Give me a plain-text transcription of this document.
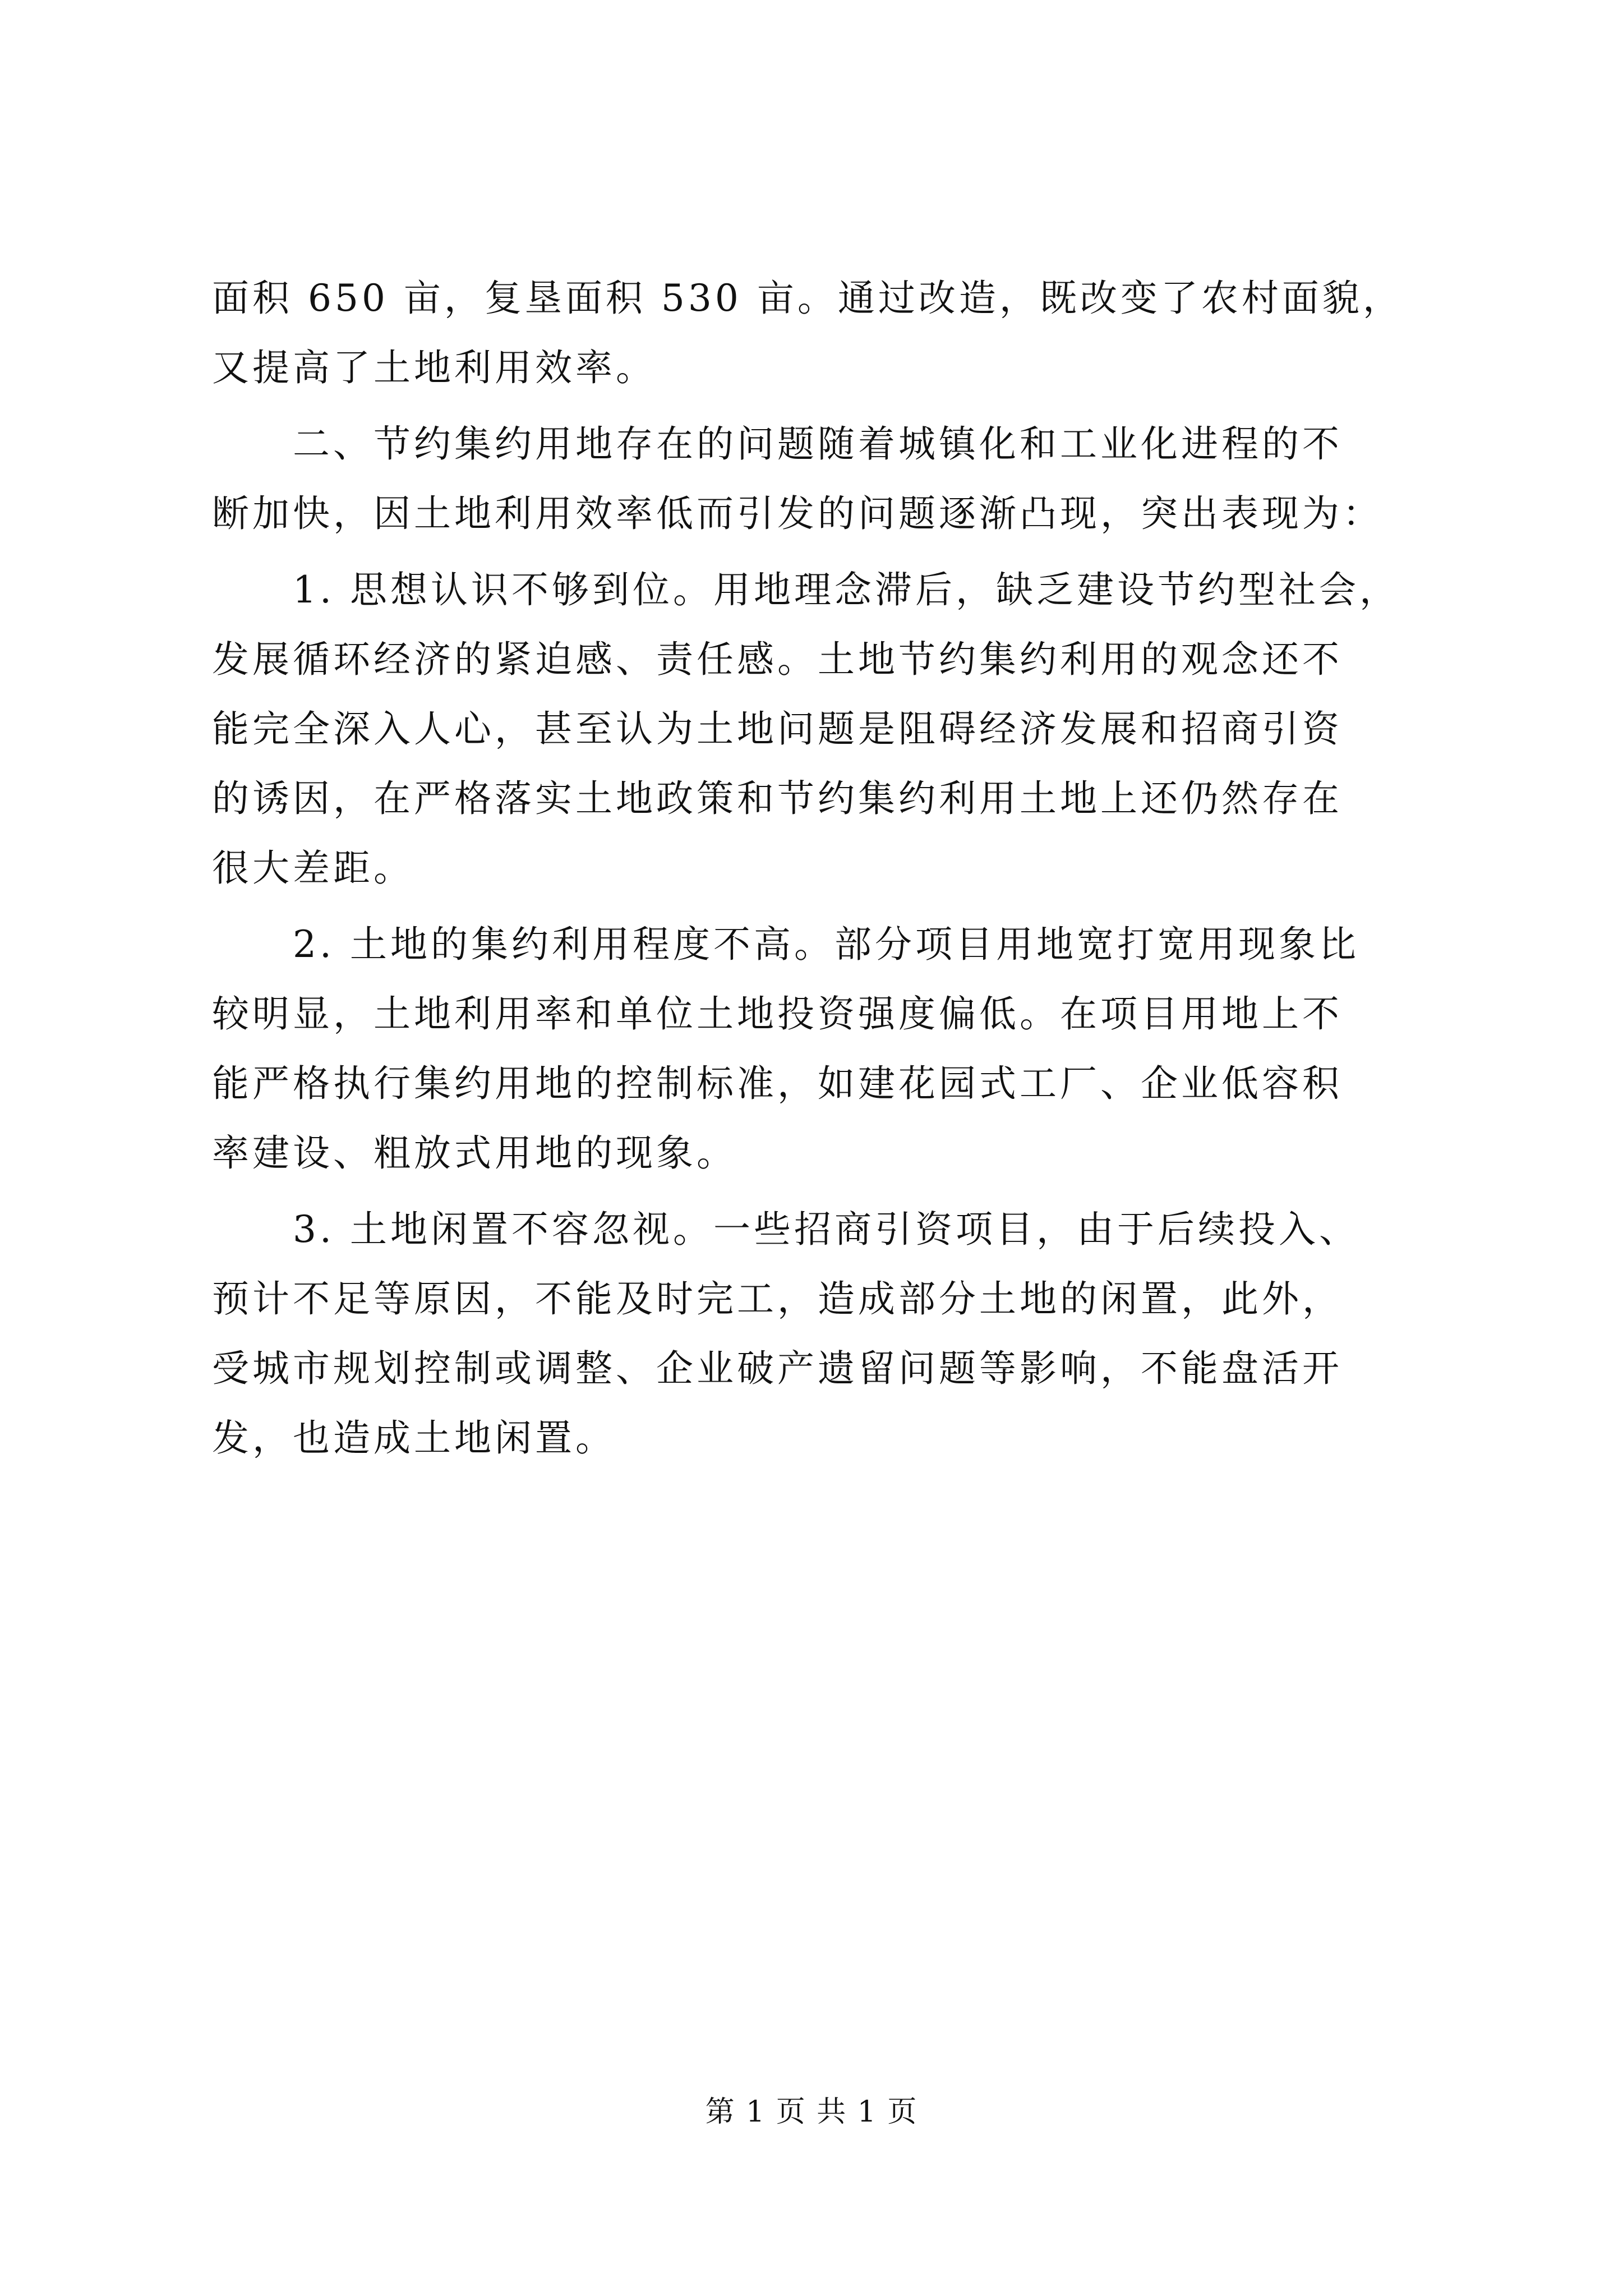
面积 650 亩，复垦面积 530 亩。通过改造，既改变了农村面貌，
又提高了土地利用效率。
　　二、节约集约用地存在的问题随着城镇化和工业化进程的不
断加快，因土地利用效率低而引发的问题逐渐凸现，突出表现为：
　　1. 思想认识不够到位。用地理念滞后，缺乏建设节约型社会，
发展循环经济的紧迫感、责任感。土地节约集约利用的观念还不
能完全深入人心，甚至认为土地问题是阻碍经济发展和招商引资
的诱因，在严格落实土地政策和节约集约利用土地上还仍然存在
很大差距。
　　2. 土地的集约利用程度不高。部分项目用地宽打宽用现象比
较明显，土地利用率和单位土地投资强度偏低。在项目用地上不
能严格执行集约用地的控制标准，如建花园式工厂、企业低容积
率建设、粗放式用地的现象。
　　3. 土地闲置不容忽视。一些招商引资项目，由于后续投入、
预计不足等原因，不能及时完工，造成部分土地的闲置，此外，
受城市规划控制或调整、企业破产遗留问题等影响，不能盘活开
发，也造成土地闲置。
第 1 页 共 1 页
